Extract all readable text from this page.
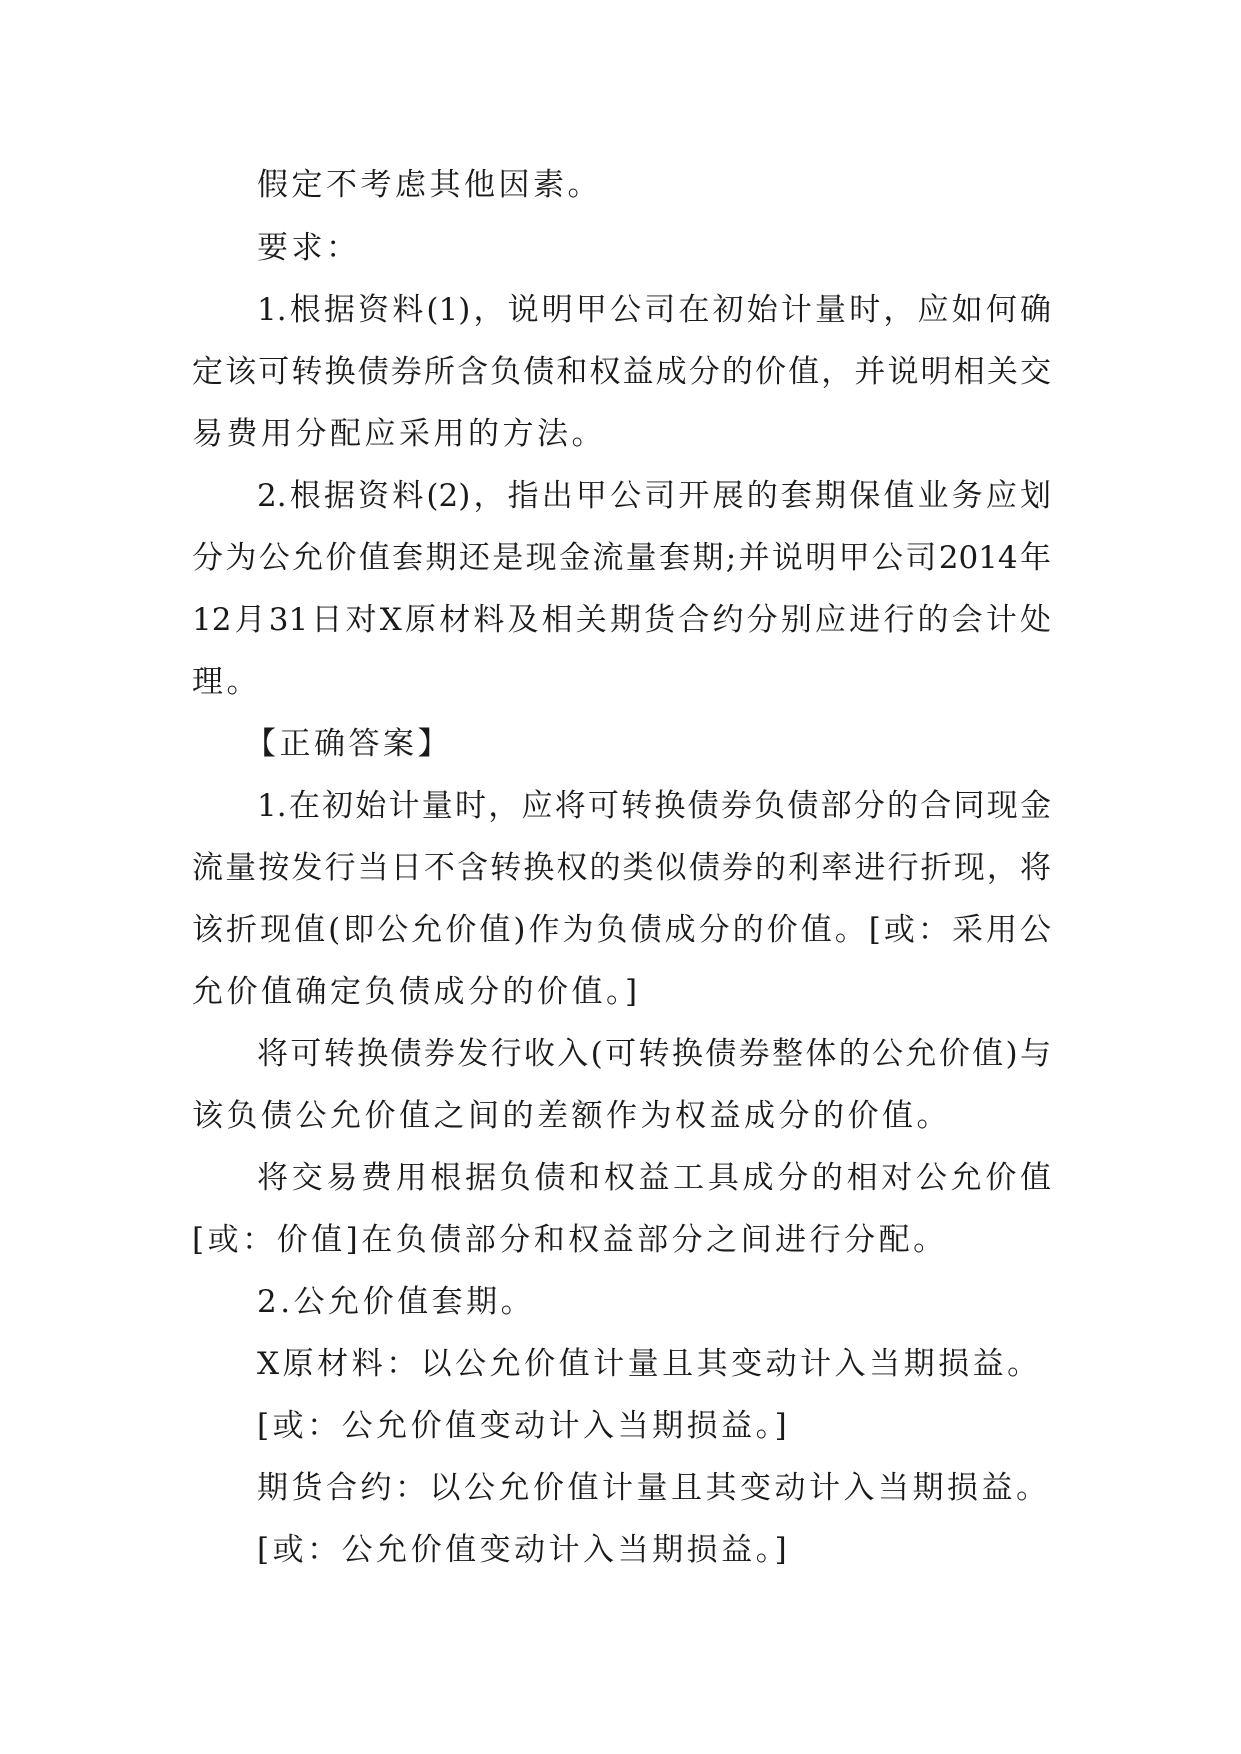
假定不考虑其他因素。
要求：
1.根据资料(1)，说明甲公司在初始计量时，应如何确
定该可转换债券所含负债和权益成分的价值，并说明相关交
易费用分配应采用的方法。
2.根据资料(2)，指出甲公司开展的套期保值业务应划
分为公允价值套期还是现金流量套期;并说明甲公司2014年
12月31日对X原材料及相关期货合约分别应进行的会计处
理。
【正确答案】
1.在初始计量时，应将可转换债券负债部分的合同现金
流量按发行当日不含转换权的类似债券的利率进行折现，将
该折现值(即公允价值)作为负债成分的价值。[或：采用公
允价值确定负债成分的价值。]
将可转换债券发行收入(可转换债券整体的公允价值)与
该负债公允价值之间的差额作为权益成分的价值。
将交易费用根据负债和权益工具成分的相对公允价值
[或：价值]在负债部分和权益部分之间进行分配。
2.公允价值套期。
X原材料：以公允价值计量且其变动计入当期损益。
[或：公允价值变动计入当期损益。]
期货合约：以公允价值计量且其变动计入当期损益。
[或：公允价值变动计入当期损益。]
